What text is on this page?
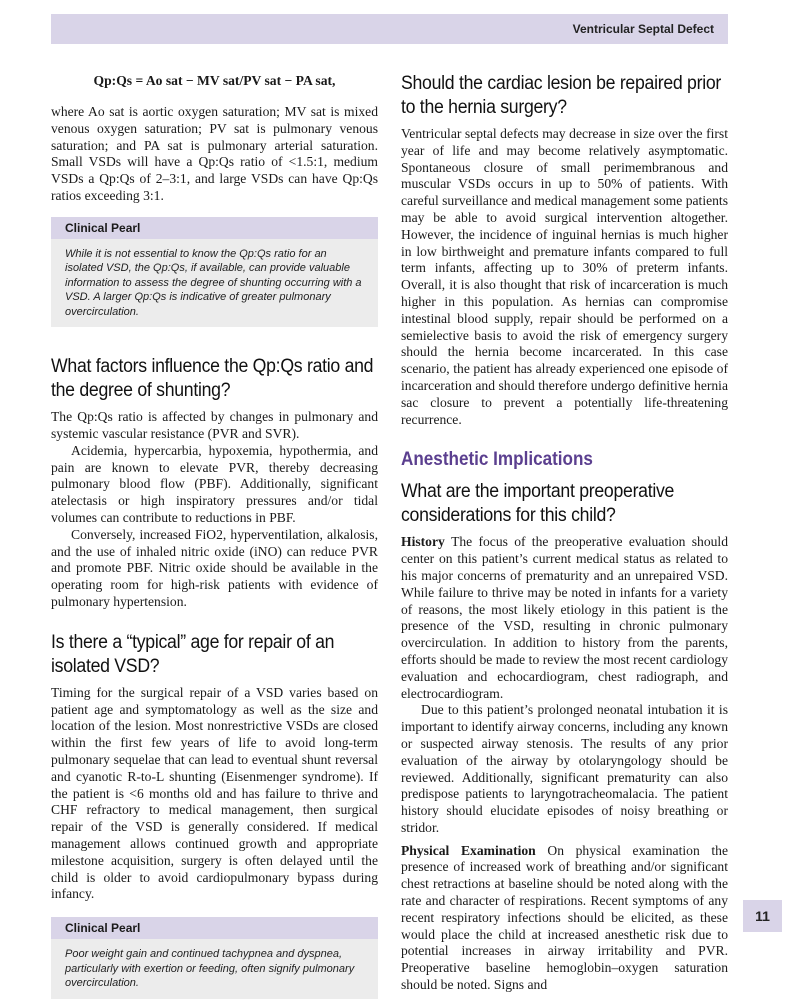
Ventricular Septal Defect
Qp:Qs = Ao sat − MV sat/PV sat − PA sat,

where Ao sat is aortic oxygen saturation; MV sat is mixed venous oxygen saturation; PV sat is pulmonary venous saturation; and PA sat is pulmonary arterial saturation. Small VSDs will have a Qp:Qs ratio of <1.5:1, medium VSDs a Qp:Qs of 2–3:1, and large VSDs can have Qp:Qs ratios exceeding 3:1.

Clinical Pearl
While it is not essential to know the Qp:Qs ratio for an isolated VSD, the Qp:Qs, if available, can provide valuable information to assess the degree of shunting occurring with a VSD. A larger Qp:Qs is indicative of greater pulmonary overcirculation.
What factors influence the Qp:Qs ratio and the degree of shunting?

The Qp:Qs ratio is affected by changes in pulmonary and systemic vascular resistance (PVR and SVR).

Acidemia, hypercarbia, hypoxemia, hypothermia, and pain are known to elevate PVR, thereby decreasing pulmonary blood flow (PBF). Additionally, significant atelectasis or high inspiratory pressures and/or tidal volumes can contribute to reductions in PBF.

Conversely, increased FiO2, hyperventilation, alkalosis, and the use of inhaled nitric oxide (iNO) can reduce PVR and promote PBF. Nitric oxide should be available in the operating room for high-risk patients with evidence of pulmonary hypertension.

Is there a “typical” age for repair of an isolated VSD?

Timing for the surgical repair of a VSD varies based on patient age and symptomatology as well as the size and location of the lesion. Most nonrestrictive VSDs are closed within the first few years of life to avoid long-term pulmonary sequelae that can lead to eventual shunt reversal and cyanotic R-to-L shunting (Eisenmenger syndrome). If the patient is <6 months old and has failure to thrive and CHF refractory to medical management, then surgical repair of the VSD is generally considered. If medical management allows continued growth and appropriate milestone acquisition, surgery is often delayed until the child is older to avoid cardiopulmonary bypass during infancy.

Clinical Pearl
Poor weight gain and continued tachypnea and dyspnea, particularly with exertion or feeding, often signify pulmonary overcirculation.
Should the cardiac lesion be repaired prior to the hernia surgery?

Ventricular septal defects may decrease in size over the first year of life and may become relatively asymptomatic. Spontaneous closure of small perimembranous and muscular VSDs occurs in up to 50% of patients. With careful surveillance and medical management some patients may be able to avoid surgical intervention altogether. However, the incidence of inguinal hernias is much higher in low birthweight and premature infants compared to full term infants, affecting up to 30% of preterm infants. Overall, it is also thought that risk of incarceration is much higher in this population. As hernias can compromise intestinal blood supply, repair should be performed on a semielective basis to avoid the risk of emergency surgery should the hernia become incarcerated. In this case scenario, the patient has already experienced one episode of incarceration and should therefore undergo definitive hernia sac closure to prevent a potentially life-threatening recurrence.

Anesthetic Implications
What are the important preoperative considerations for this child?

History The focus of the preoperative evaluation should center on this patient’s current medical status as related to his major concerns of prematurity and an unrepaired VSD. While failure to thrive may be noted in infants for a variety of reasons, the most likely etiology in this patient is the presence of the VSD, resulting in chronic pulmonary overcirculation. In addition to history from the parents, efforts should be made to review the most recent cardiology evaluation and echocardiogram, chest radiograph, and electrocardiogram.

Due to this patient’s prolonged neonatal intubation it is important to identify airway concerns, including any known or suspected airway stenosis. The results of any prior evaluation of the airway by otolaryngology should be reviewed. Additionally, significant prematurity can also predispose patients to laryngotracheomalacia. The patient history should elucidate episodes of noisy breathing or stridor.

Physical Examination On physical examination the presence of increased work of breathing and/or significant chest retractions at baseline should be noted along with the rate and character of respirations. Recent symptoms of any recent respiratory infections should be elicited, as these would place the child at increased anesthetic risk due to potential increases in airway irritability and PVR. Preoperative baseline hemoglobin–oxygen saturation should be noted. Signs and

11
